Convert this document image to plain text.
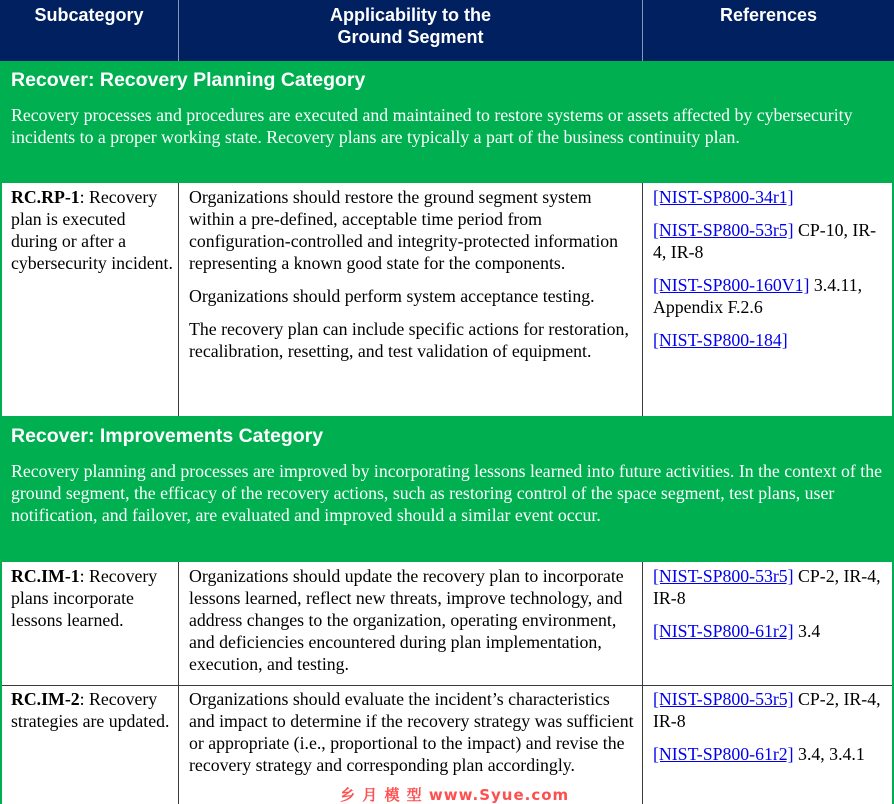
Subcategory	Applicability to the
Ground Segment
References
Recover: Recovery Planning Category
Recovery processes and procedures are executed and maintained to restore systems or assets affected by cybersecurity incidents to a proper working state. Recovery plans are typically a part of the business continuity plan.
RC.RP-1: Recovery plan is executed during or after a cybersecurity incident.

Organizations should restore the ground segment system within a pre-defined, acceptable time period from configuration-controlled and integrity-protected information representing a known good state for the components.

Organizations should perform system acceptance testing.

The recovery plan can include specific actions for restoration, recalibration, resetting, and test validation of equipment.

[NIST-SP800-34r1]

[NIST-SP800-53r5] CP-10, IR-4, IR-8

[NIST-SP800-160V1] 3.4.11, Appendix F.2.6

[NIST-SP800-184]

Recover: Improvements Category
Recovery planning and processes are improved by incorporating lessons learned into future activities. In the context of the ground segment, the efficacy of the recovery actions, such as restoring control of the space segment, test plans, user notification, and failover, are evaluated and improved should a similar event occur.
RC.IM-1: Recovery plans incorporate lessons learned.

Organizations should update the recovery plan to incorporate lessons learned, reflect new threats, improve technology, and address changes to the organization, operating environment, and deficiencies encountered during plan implementation, execution, and testing.

[NIST-SP800-53r5] CP-2, IR-4, IR-8

[NIST-SP800-61r2] 3.4

RC.IM-2: Recovery strategies are updated.

Organizations should evaluate the incident’s characteristics and impact to determine if the recovery strategy was sufficient or appropriate (i.e., proportional to the impact) and revise the recovery strategy and corresponding plan accordingly.

[NIST-SP800-53r5] CP-2, IR-4, IR-8

[NIST-SP800-61r2] 3.4, 3.4.1

乡 月 模 型 www.Syue.com
